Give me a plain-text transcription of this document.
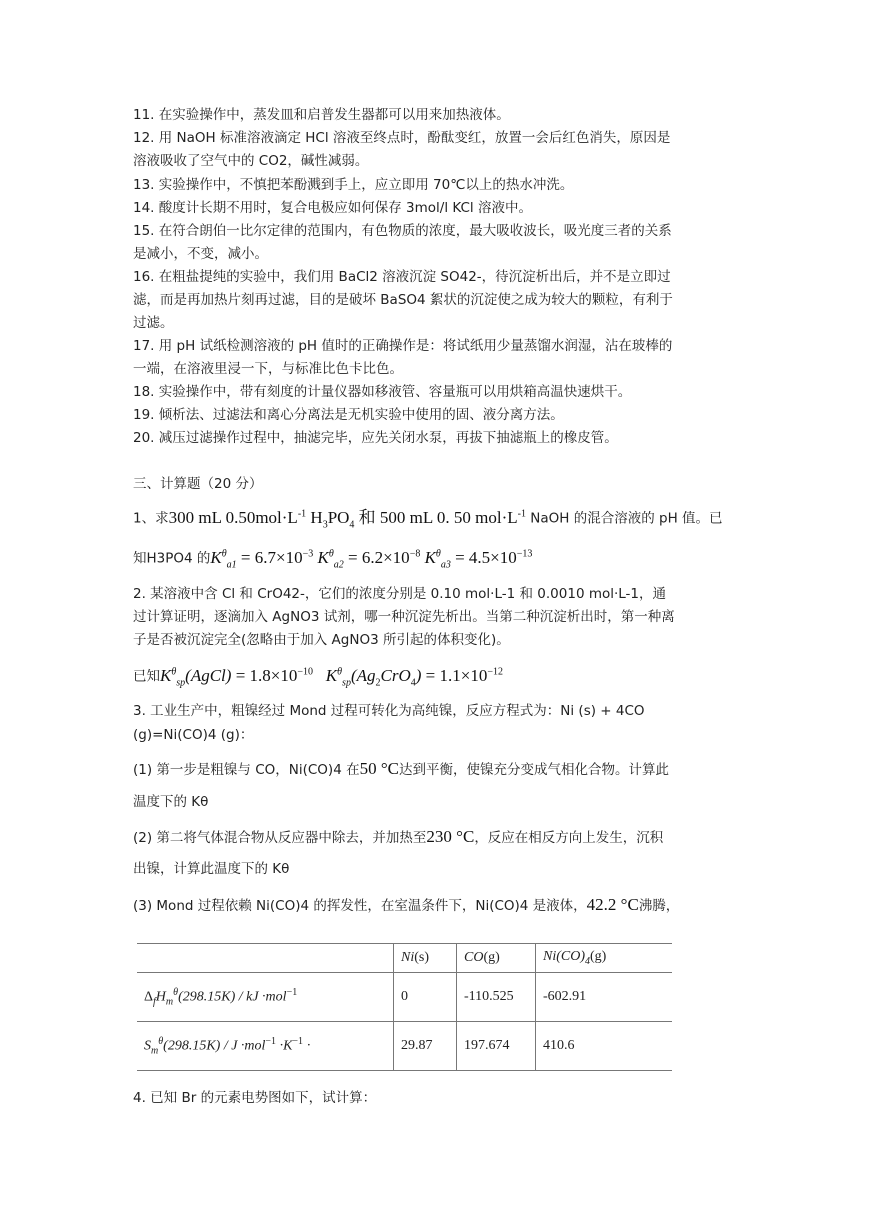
11. 在实验操作中，蒸发皿和启普发生器都可以用来加热液体。
12. 用 NaOH 标准溶液滴定 HCl 溶液至终点时，酚酞变红，放置一会后红色消失，原因是
溶液吸收了空气中的 CO2，碱性减弱。
13. 实验操作中，不慎把苯酚溅到手上，应立即用 70℃以上的热水冲洗。
14. 酸度计长期不用时，复合电极应如何保存 3mol/l KCl 溶液中。
15. 在符合朗伯一比尔定律的范围内，有色物质的浓度，最大吸收波长，吸光度三者的关系
是减小，不变，减小。
16. 在粗盐提纯的实验中，我们用 BaCl2 溶液沉淀 SO42-，待沉淀析出后，并不是立即过
滤，而是再加热片刻再过滤，目的是破坏 BaSO4 絮状的沉淀使之成为较大的颗粒，有利于
过滤。
17. 用 pH 试纸检测溶液的 pH 值时的正确操作是：将试纸用少量蒸馏水润湿，沾在玻棒的
一端，在溶液里浸一下，与标准比色卡比色。
18. 实验操作中，带有刻度的计量仪器如移液管、容量瓶可以用烘箱高温快速烘干。
19. 倾析法、过滤法和离心分离法是无机实验中使用的固、液分离方法。
20. 减压过滤操作过程中，抽滤完毕，应先关闭水泵，再拔下抽滤瓶上的橡皮管。
三、计算题（20 分）
1、求300 mL $0.50mol\cdot L^{-1}$ $H_3PO_4$ 和 500 mL 0. 50 $mol\cdot L^{-1}$ NaOH 的混合溶液的 pH 值。已
知H3PO4 的$K^\theta_{a1} = 6.7\times 10^{-3}$ $K^\theta_{a2} = 6.2\times 10^{-8}$ $K^\theta_{a3} = 4.5\times 10^{-13}$
2. 某溶液中含 Cl 和 CrO42-，它们的浓度分别是 0.10 mol·L-1 和 0.0010 mol·L-1，通
过计算证明，逐滴加入 AgNO3 试剂，哪一种沉淀先析出。当第二种沉淀析出时，第一种离
子是否被沉淀完全(忽略由于加入 AgNO3 所引起的体积变化)。
已知$K^\theta_{sp}(AgCl) = 1.8\times 10^{-10}$ $K^\theta_{sp}(Ag_2CrO_4) = 1.1\times 10^{-12}$
3. 工业生产中，粗镍经过 Mond 过程可转化为高纯镍，反应方程式为：Ni (s) + 4CO
(g)=Ni(CO)4 (g)：
(1) 第一步是粗镍与 CO，Ni(CO)4 在50 °C达到平衡，使镍充分变成气相化合物。计算此
温度下的 Kθ
(2) 第二将气体混合物从反应器中除去，并加热至230 °C，反应在相反方向上发生，沉积
出镍，计算此温度下的 Kθ
(3) Mond 过程依赖 Ni(CO)4 的挥发性，在室温条件下，Ni(CO)4 是液体，42.2 °C沸腾，
	Ni(s)	CO(g)	$Ni(CO)_4(g)$
$\Delta_fH_m^\theta(298.15K)$ / kJ ·mol$^{-1}$	0	-110.525	-602.91
$S_m^\theta(298.15K) / J \cdot mol^{-1} \cdot K^{-1}$ ·	29.87	197.674	410.6
4. 已知 Br 的元素电势图如下，试计算：
